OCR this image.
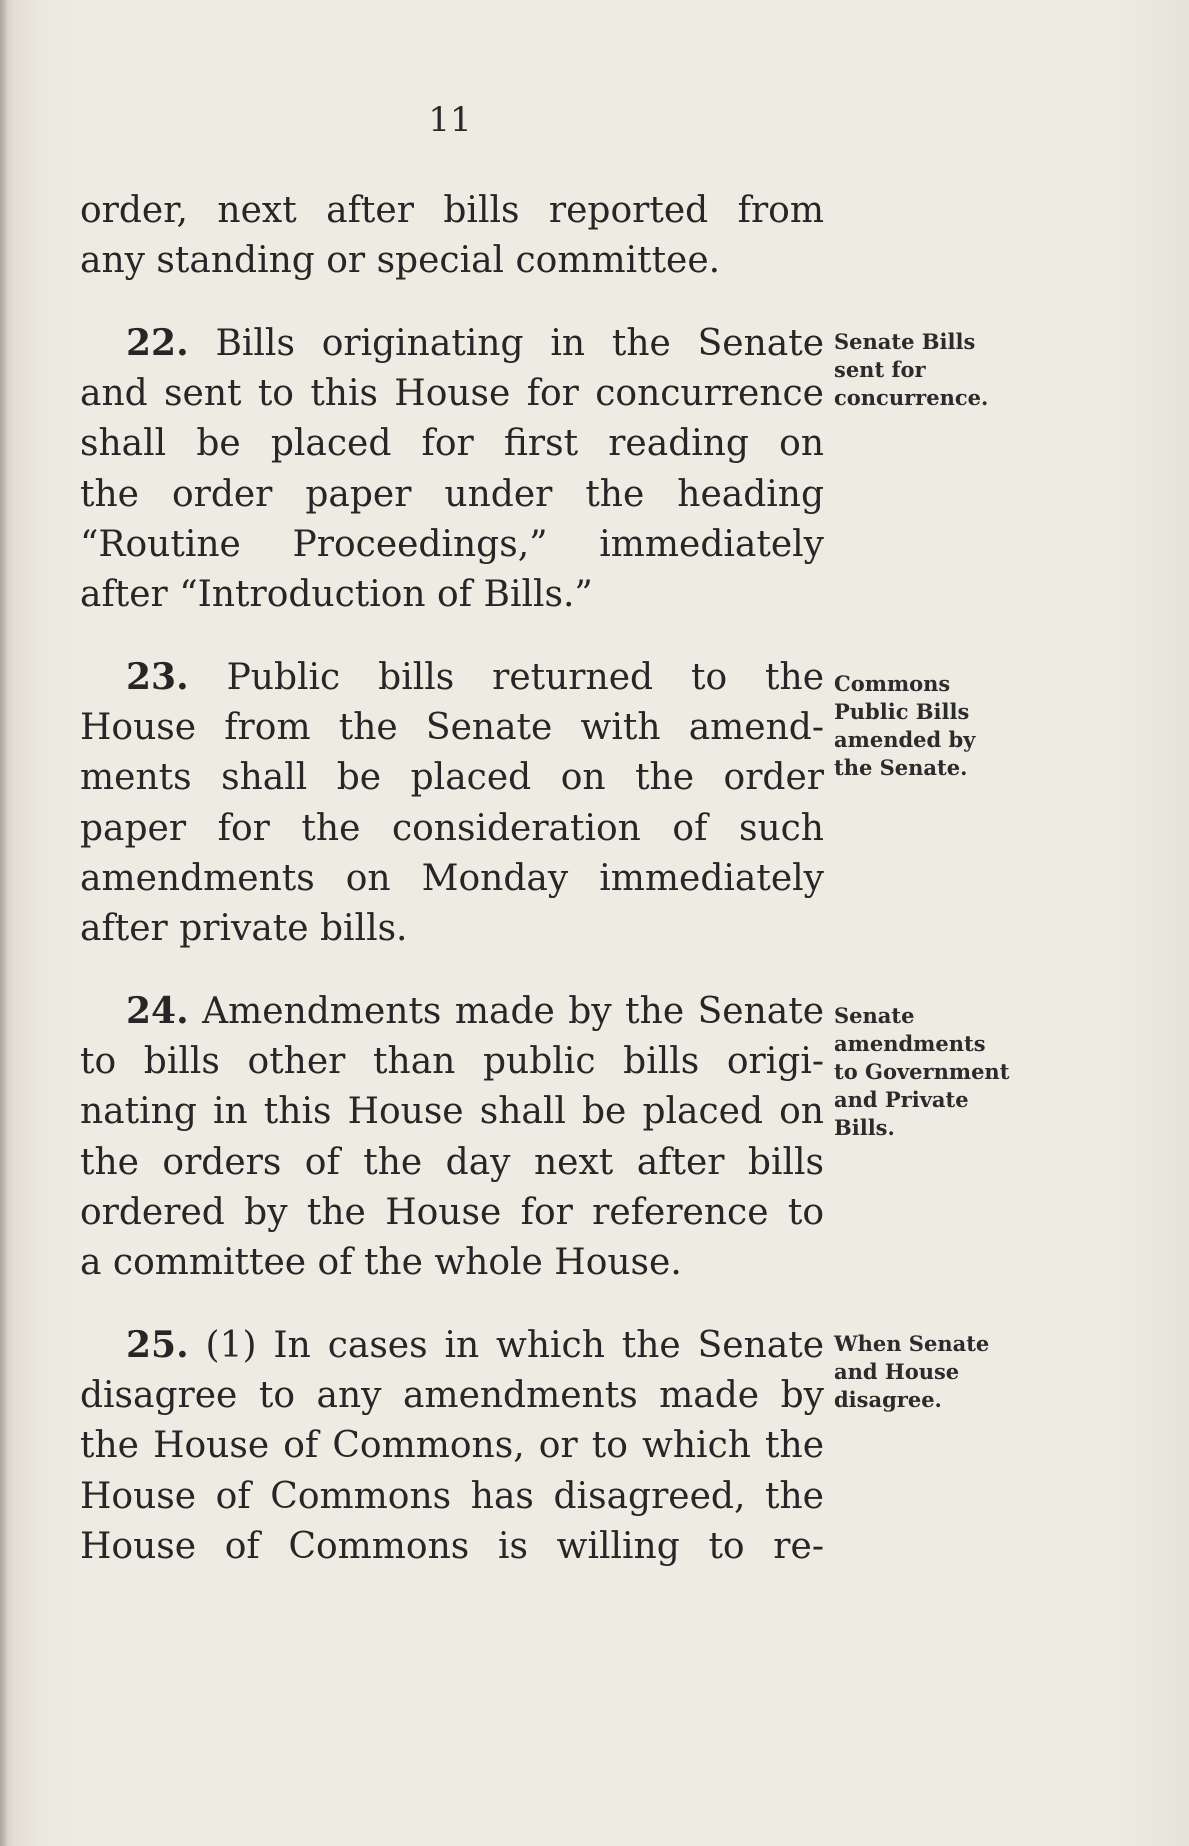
11
order, next after bills reported from
any standing or special committee.
22. Bills originating in the Senate
and sent to this House for concurrence
shall be placed for first reading on
the order paper under the heading
“Routine Proceedings,” immediately
after “Introduction of Bills.”
Senate Bills
sent for
concurrence.
23. Public bills returned to the
House from the Senate with amend-
ments shall be placed on the order
paper for the consideration of such
amendments on Monday immediately
after private bills.
Commons
Public Bills
amended by
the Senate.
24. Amendments made by the Senate
to bills other than public bills origi-
nating in this House shall be placed on
the orders of the day next after bills
ordered by the House for reference to
a committee of the whole House.
Senate
amendments
to Government
and Private
Bills.
25. (1) In cases in which the Senate
disagree to any amendments made by
the House of Commons, or to which the
House of Commons has disagreed, the
House of Commons is willing to re-
When Senate
and House
disagree.
